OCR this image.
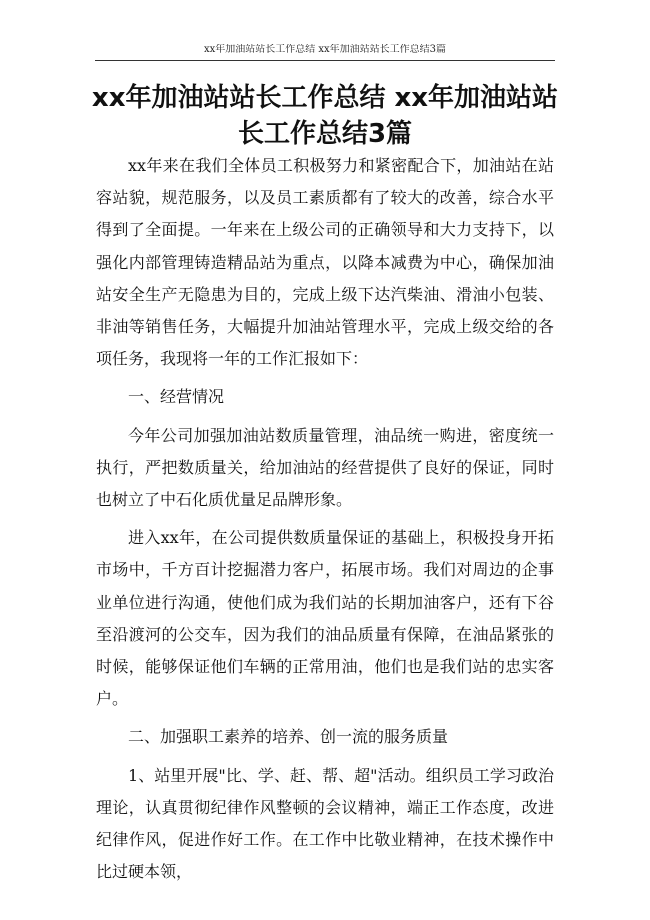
xx年加油站站长工作总结 xx年加油站站长工作总结3篇
xx年加油站站长工作总结 xx年加油站站长工作总结3篇

xx年来在我们全体员工积极努力和紧密配合下，加油站在站容站貌，规范服务，以及员工素质都有了较大的改善，综合水平得到了全面提。一年来在上级公司的正确领导和大力支持下，以强化内部管理铸造精品站为重点，以降本减费为中心，确保加油站安全生产无隐患为目的，完成上级下达汽柴油、滑油小包装、非油等销售任务，大幅提升加油站管理水平，完成上级交给的各项任务，我现将一年的工作汇报如下：

一、经营情况

今年公司加强加油站数质量管理，油品统一购进，密度统一执行，严把数质量关，给加油站的经营提供了良好的保证，同时也树立了中石化质优量足品牌形象。

进入xx年，在公司提供数质量保证的基础上，积极投身开拓市场中，千方百计挖掘潜力客户，拓展市场。我们对周边的企事业单位进行沟通，使他们成为我们站的长期加油客户，还有下谷至沿渡河的公交车，因为我们的油品质量有保障，在油品紧张的时候，能够保证他们车辆的正常用油，他们也是我们站的忠实客户。

二、加强职工素养的培养、创一流的服务质量

1、站里开展"比、学、赶、帮、超"活动。组织员工学习政治理论，认真贯彻纪律作风整顿的会议精神，端正工作态度，改进纪律作风，促进作好工作。在工作中比敬业精神，在技术操作中比过硬本领，
